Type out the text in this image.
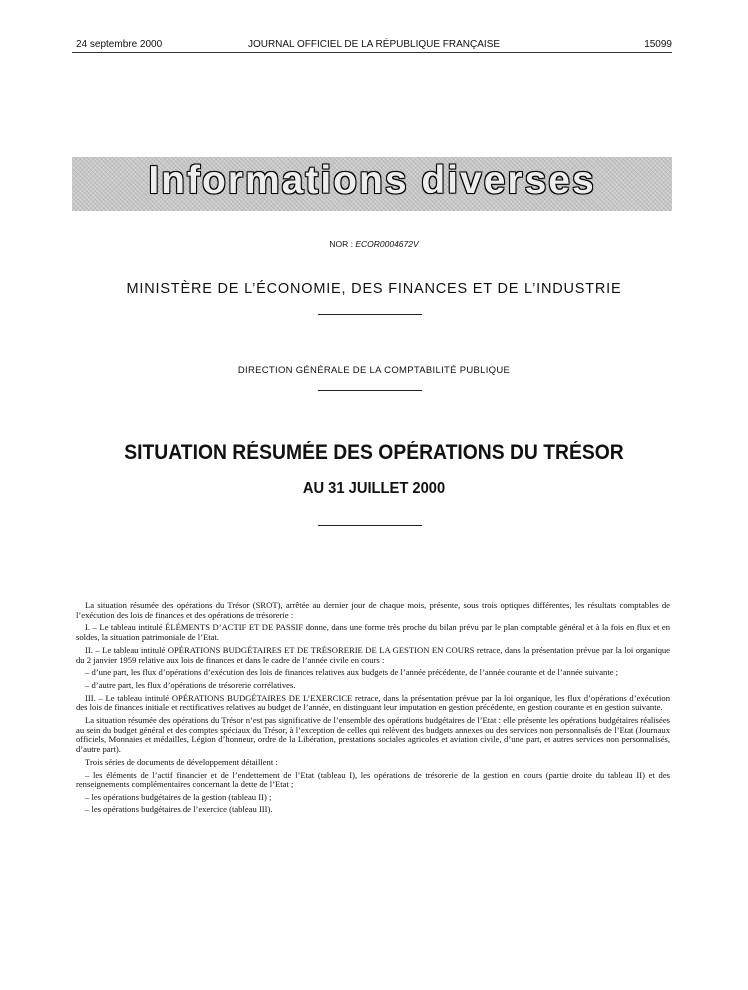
24 septembre 2000	JOURNAL OFFICIEL DE LA RÉPUBLIQUE FRANÇAISE	15099
Informations diverses
NOR : ECOR0004672V
MINISTÈRE DE L’ÉCONOMIE, DES FINANCES ET DE L’INDUSTRIE
DIRECTION GÉNÉRALE DE LA COMPTABILITÉ PUBLIQUE
SITUATION RÉSUMÉE DES OPÉRATIONS DU TRÉSOR
AU 31 JUILLET 2000

La situation résumée des opérations du Trésor (SROT), arrêtée au dernier jour de chaque mois, présente, sous trois optiques différentes, les résultats comptables de l’exécution des lois de finances et des opérations de trésorerie :

I. – Le tableau intitulé ÉLÉMENTS D’ACTIF ET DE PASSIF donne, dans une forme très proche du bilan prévu par le plan comptable général et à la fois en flux et en soldes, la situation patrimoniale de l’Etat.

II. – Le tableau intitulé OPÉRATIONS BUDGÉTAIRES ET DE TRÉSORERIE DE LA GESTION EN COURS retrace, dans la présentation prévue par la loi organique du 2 janvier 1959 relative aux lois de finances et dans le cadre de l’année civile en cours :

– d’une part, les flux d’opérations d’exécution des lois de finances relatives aux budgets de l’année précédente, de l’année courante et de l’année suivante ;

– d’autre part, les flux d’opérations de trésorerie corrélatives.

III. – Le tableau intitulé OPÉRATIONS BUDGÉTAIRES DE L’EXERCICE retrace, dans la présentation prévue par la loi organique, les flux d’opérations d’exécution des lois de finances initiale et rectificatives relatives au budget de l’année, en distinguant leur imputation en gestion précédente, en gestion courante et en gestion suivante.

La situation résumée des opérations du Trésor n’est pas significative de l’ensemble des opérations budgétaires de l’Etat : elle présente les opérations budgétaires réalisées au sein du budget général et des comptes spéciaux du Trésor, à l’exception de celles qui relèvent des budgets annexes ou des services non personnalisés de l’Etat (Journaux officiels, Monnaies et médailles, Légion d’honneur, ordre de la Libération, prestations sociales agricoles et aviation civile, d’une part, et autres services non personnalisés, d’autre part).

Trois séries de documents de développement détaillent :

– les éléments de l’actif financier et de l’endettement de l’Etat (tableau I), les opérations de trésorerie de la gestion en cours (partie droite du tableau II) et des renseignements complémentaires concernant la dette de l’Etat ;

– les opérations budgétaires de la gestion (tableau II) ;

– les opérations budgétaires de l’exercice (tableau III).
